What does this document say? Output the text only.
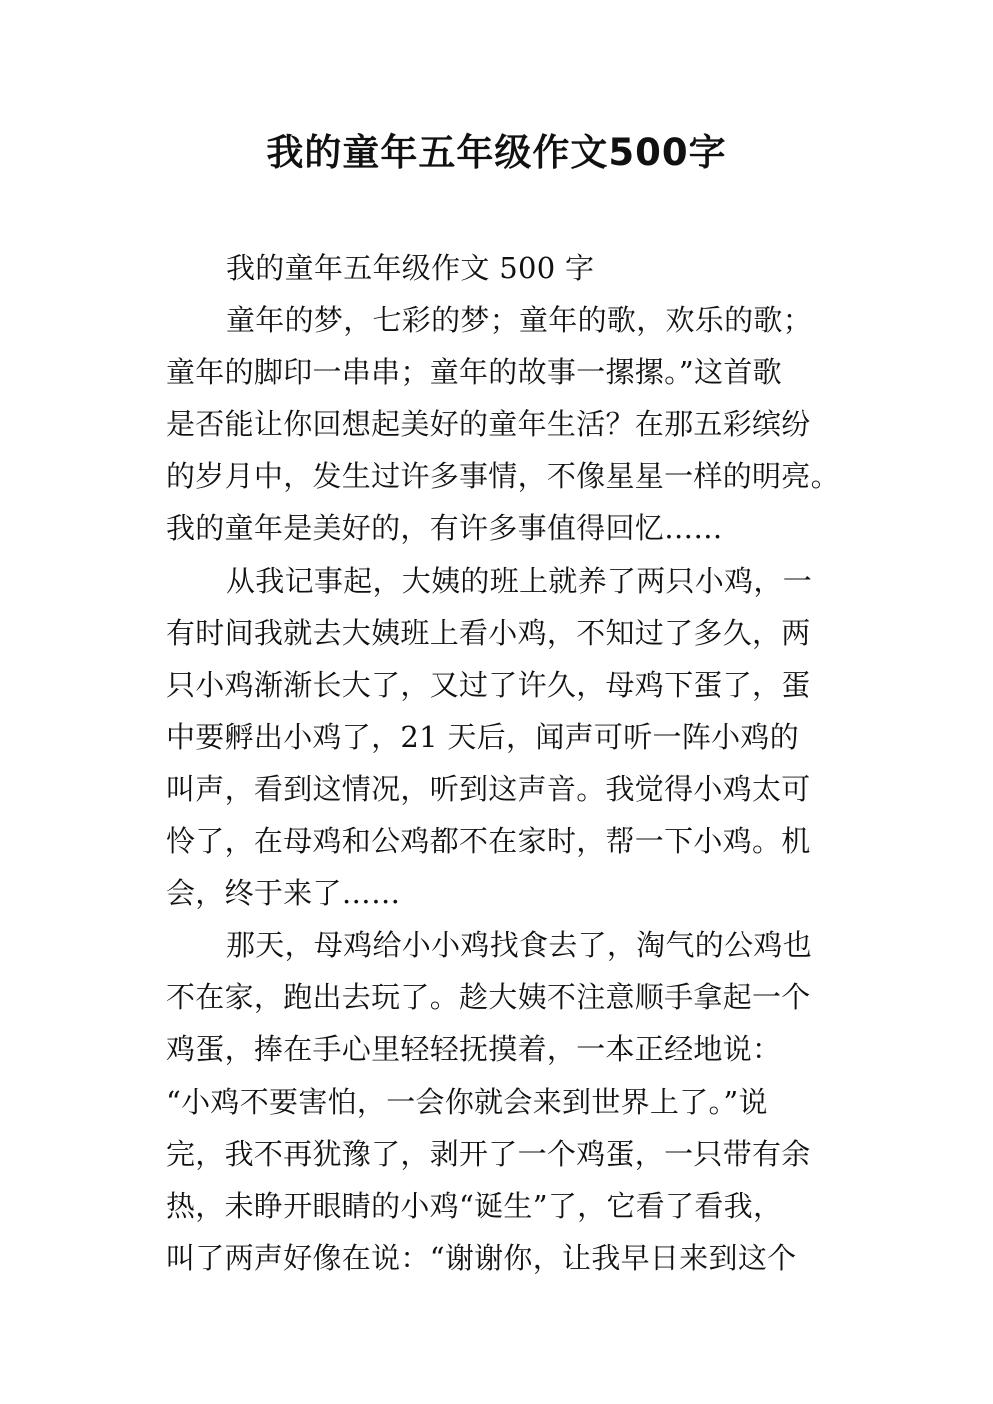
我的童年五年级作文500字
我的童年五年级作文 500 字
童年的梦，七彩的梦；童年的歌，欢乐的歌；
童年的脚印一串串；童年的故事一摞摞。”这首歌
是否能让你回想起美好的童年生活？在那五彩缤纷
的岁月中，发生过许多事情，不像星星一样的明亮。
我的童年是美好的，有许多事值得回忆……
从我记事起，大姨的班上就养了两只小鸡，一
有时间我就去大姨班上看小鸡，不知过了多久，两
只小鸡渐渐长大了，又过了许久，母鸡下蛋了，蛋
中要孵出小鸡了，21 天后，闻声可听一阵小鸡的
叫声，看到这情况，听到这声音。我觉得小鸡太可
怜了，在母鸡和公鸡都不在家时，帮一下小鸡。机
会，终于来了……
那天，母鸡给小小鸡找食去了，淘气的公鸡也
不在家，跑出去玩了。趁大姨不注意顺手拿起一个
鸡蛋，捧在手心里轻轻抚摸着，一本正经地说：
“小鸡不要害怕，一会你就会来到世界上了。”说
完，我不再犹豫了，剥开了一个鸡蛋，一只带有余
热，未睁开眼睛的小鸡“诞生”了，它看了看我，
叫了两声好像在说：“谢谢你，让我早日来到这个
